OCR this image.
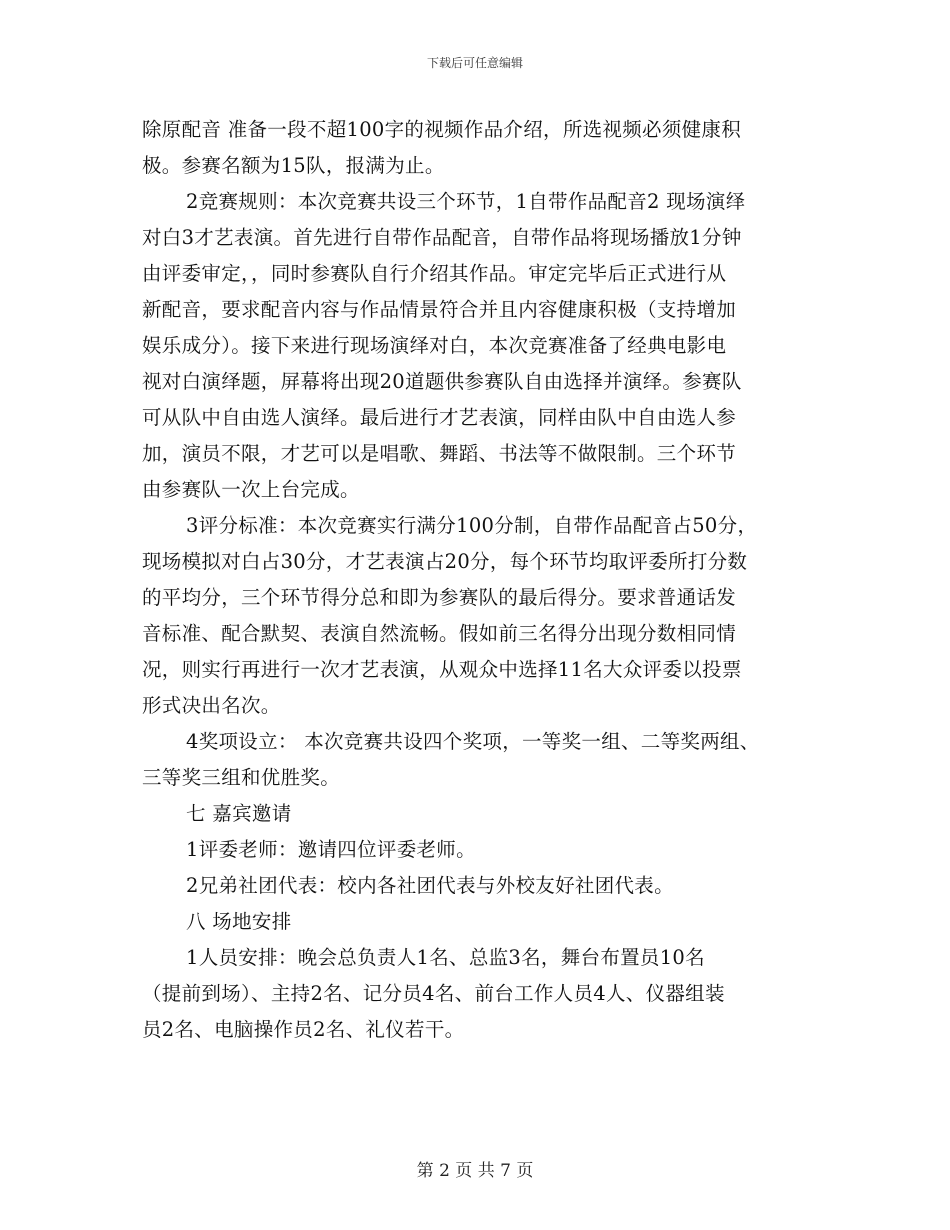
下载后可任意编辑
除原配音 准备一段不超100字的视频作品介绍，所选视频必须健康积
极。参赛名额为15队，报满为止。
2竞赛规则：本次竞赛共设三个环节，1自带作品配音2 现场演绎
对白3才艺表演。首先进行自带作品配音，自带作品将现场播放1分钟
由评委审定，，同时参赛队自行介绍其作品。审定完毕后正式进行从
新配音，要求配音内容与作品情景符合并且内容健康积极（支持增加
娱乐成分）。接下来进行现场演绎对白，本次竞赛准备了经典电影电
视对白演绎题，屏幕将出现20道题供参赛队自由选择并演绎。参赛队
可从队中自由选人演绎。最后进行才艺表演，同样由队中自由选人参
加，演员不限，才艺可以是唱歌、舞蹈、书法等不做限制。三个环节
由参赛队一次上台完成。
3评分标准：本次竞赛实行满分100分制，自带作品配音占50分，
现场模拟对白占30分，才艺表演占20分，每个环节均取评委所打分数
的平均分，三个环节得分总和即为参赛队的最后得分。要求普通话发
音标准、配合默契、表演自然流畅。假如前三名得分出现分数相同情
况，则实行再进行一次才艺表演，从观众中选择11名大众评委以投票
形式决出名次。
4奖项设立： 本次竞赛共设四个奖项，一等奖一组、二等奖两组、
三等奖三组和优胜奖。
七 嘉宾邀请
1评委老师：邀请四位评委老师。
2兄弟社团代表：校内各社团代表与外校友好社团代表。
八 场地安排
1人员安排：晚会总负责人1名、总监3名，舞台布置员10名
（提前到场）、主持2名、记分员4名、前台工作人员4人、仪器组装
员2名、电脑操作员2名、礼仪若干。
第 2 页 共 7 页
